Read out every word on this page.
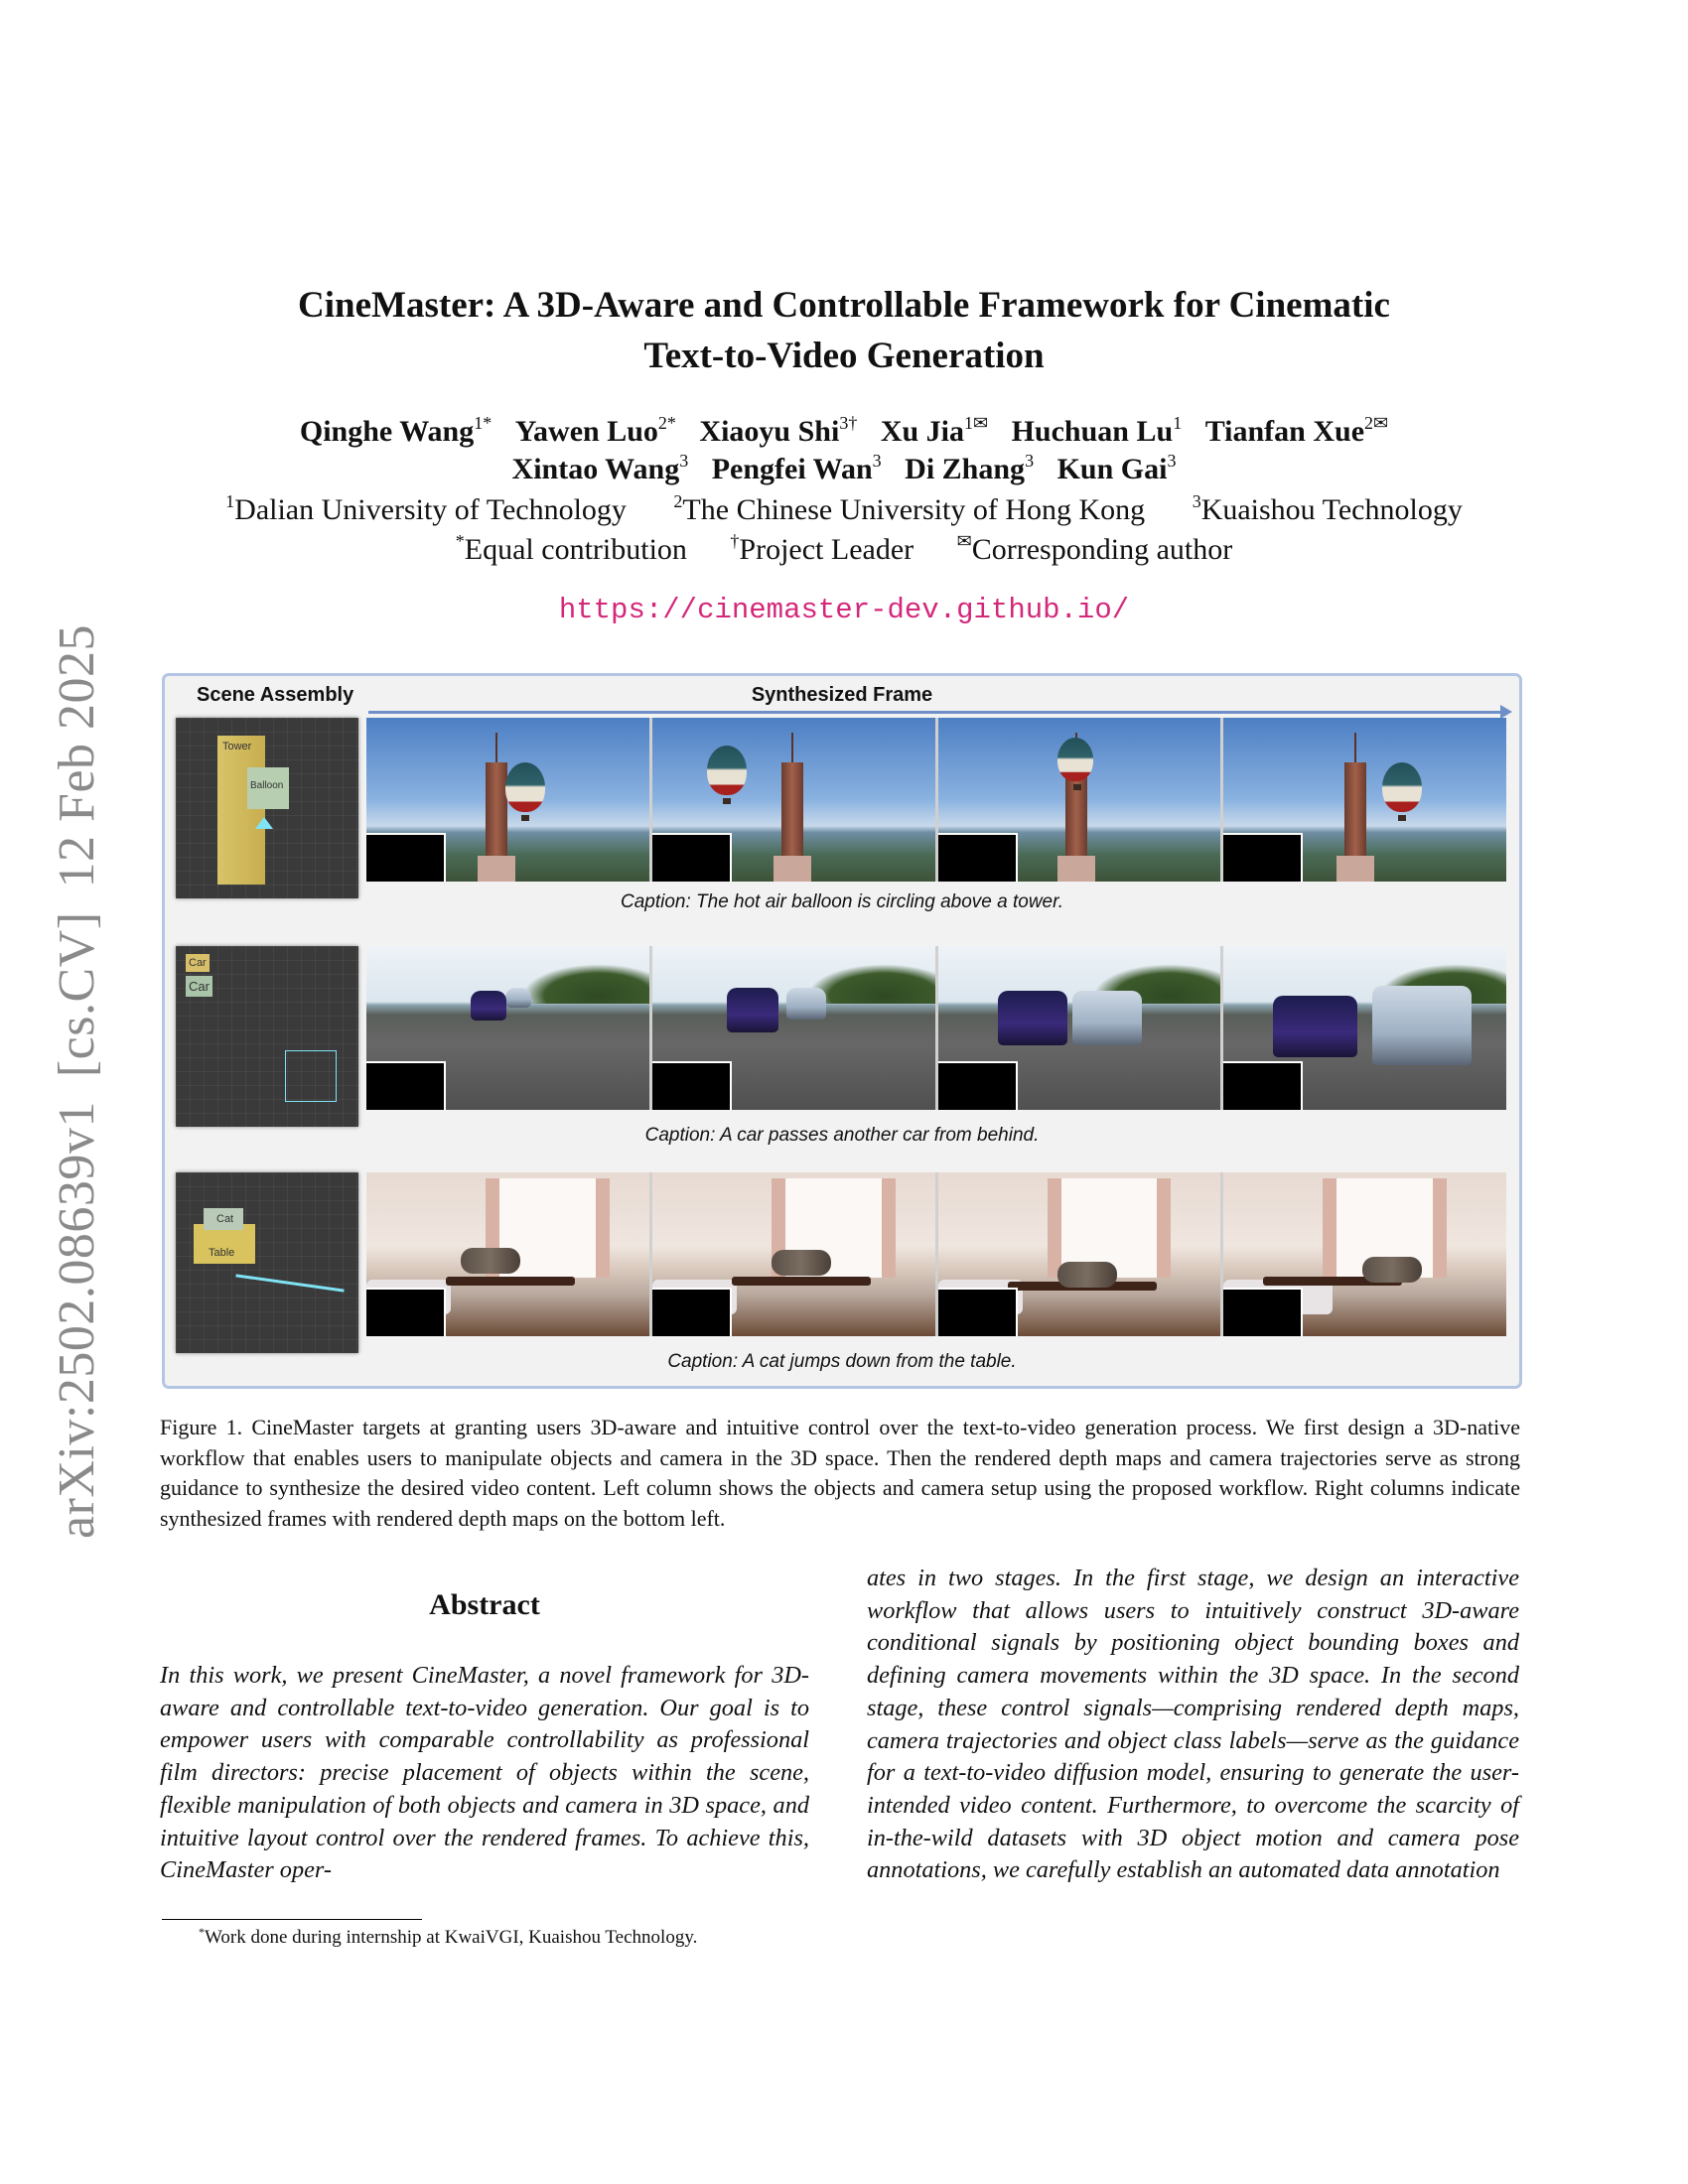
arXiv:2502.08639v1[cs.CV]12 Feb 2025
CineMaster: A 3D-Aware and Controllable Framework for Cinematic
Text-to-Video Generation
Qinghe Wang$^{1*}$ Yawen Luo$^{2*}$ Xiaoyu Shi$^{3\dagger}$ Xu Jia$^{1✉}$ Huchuan Lu$^1$ Tianfan Xue$^{2✉}$
Xintao Wang$^3$ Pengfei Wan$^3$ Di Zhang$^3$ Kun Gai$^3$
$^1$Dalian University of Technology	$^2$The Chinese University of Hong Kong	$^3$Kuaishou Technology
*Equal contribution †Project Leader ✉Corresponding author
https://cinemaster-dev.github.io/
Scene Assembly	Synthesized Frame
Tower
Balloon
Caption: The hot air balloon is circling above a tower.
Car
Car
Caption: A car passes another car from behind.
Table
Cat
Caption: A cat jumps down from the table.
Figure 1. CineMaster targets at granting users 3D-aware and intuitive control over the text-to-video generation process. We first design a 3D-native workflow that enables users to manipulate objects and camera in the 3D space. Then the rendered depth maps and camera trajectories serve as strong guidance to synthesize the desired video content. Left column shows the objects and camera setup using the proposed workflow. Right columns indicate synthesized frames with rendered depth maps on the bottom left.
Abstract
In this work, we present CineMaster, a novel framework for 3D-aware and controllable text-to-video generation. Our goal is to empower users with comparable controllability as professional film directors: precise placement of objects within the scene, flexible manipulation of both objects and camera in 3D space, and intuitive layout control over the rendered frames. To achieve this, CineMaster oper-
ates in two stages. In the first stage, we design an interactive workflow that allows users to intuitively construct 3D-aware conditional signals by positioning object bounding boxes and defining camera movements within the 3D space. In the second stage, these control signals—comprising rendered depth maps, camera trajectories and object class labels—serve as the guidance for a text-to-video diffusion model, ensuring to generate the user-intended video content. Furthermore, to overcome the scarcity of in-the-wild datasets with 3D object motion and camera pose annotations, we carefully establish an automated data annotation
*Work done during internship at KwaiVGI, Kuaishou Technology.
